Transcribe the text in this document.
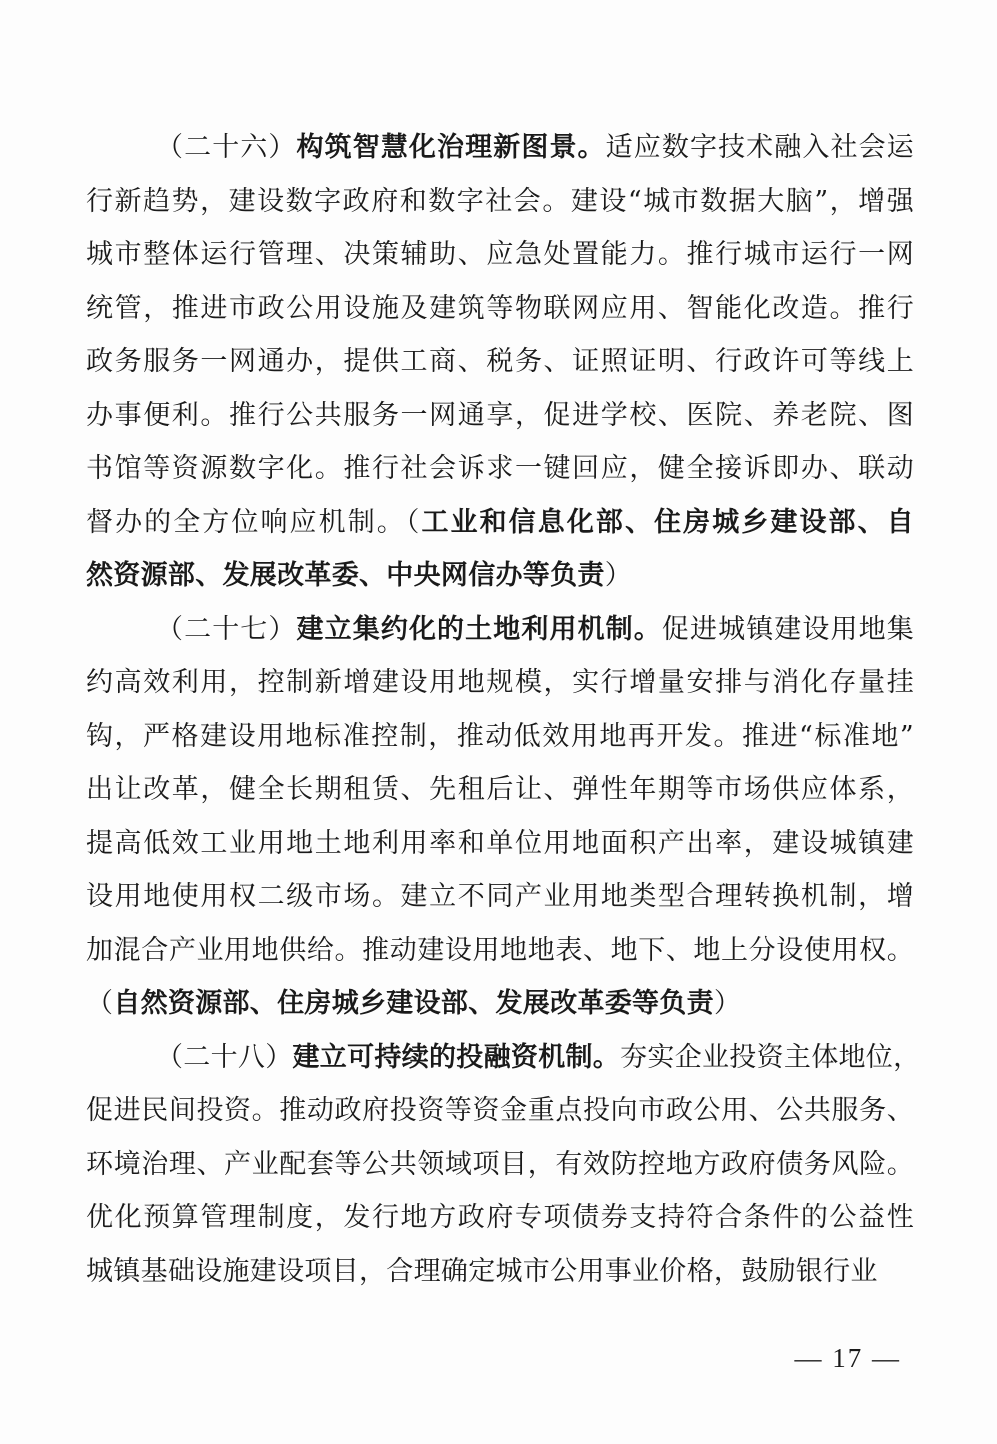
（二十六）构筑智慧化治理新图景。适应数字技术融入社会运
行新趋势，建设数字政府和数字社会。建设“城市数据大脑”，增强
城市整体运行管理、决策辅助、应急处置能力。推行城市运行一网
统管，推进市政公用设施及建筑等物联网应用、智能化改造。推行
政务服务一网通办，提供工商、税务、证照证明、行政许可等线上
办事便利。推行公共服务一网通享，促进学校、医院、养老院、图
书馆等资源数字化。推行社会诉求一键回应，健全接诉即办、联动
督办的全方位响应机制。（工业和信息化部、住房城乡建设部、自
然资源部、发展改革委、中央网信办等负责）
（二十七）建立集约化的土地利用机制。促进城镇建设用地集
约高效利用，控制新增建设用地规模，实行增量安排与消化存量挂
钩，严格建设用地标准控制，推动低效用地再开发。推进“标准地”
出让改革，健全长期租赁、先租后让、弹性年期等市场供应体系，
提高低效工业用地土地利用率和单位用地面积产出率，建设城镇建
设用地使用权二级市场。建立不同产业用地类型合理转换机制，增
加混合产业用地供给。推动建设用地地表、地下、地上分设使用权。
（自然资源部、住房城乡建设部、发展改革委等负责）
（二十八）建立可持续的投融资机制。夯实企业投资主体地位，
促进民间投资。推动政府投资等资金重点投向市政公用、公共服务、
环境治理、产业配套等公共领域项目，有效防控地方政府债务风险。
优化预算管理制度，发行地方政府专项债券支持符合条件的公益性
城镇基础设施建设项目，合理确定城市公用事业价格，鼓励银行业
— 17 —
